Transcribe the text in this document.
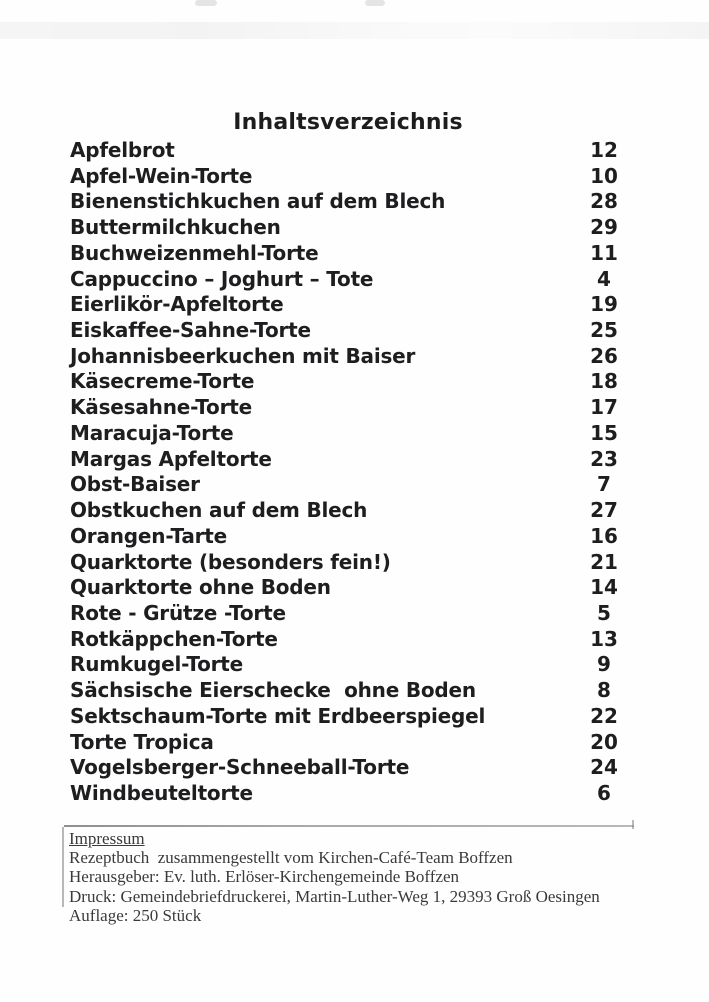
Inhaltsverzeichnis
Apfelbrot	12
Apfel-Wein-Torte	10
Bienenstichkuchen auf dem Blech	28
Buttermilchkuchen	29
Buchweizenmehl-Torte	11
Cappuccino – Joghurt – Tote	4
Eierlikör-Apfeltorte	19
Eiskaffee-Sahne-Torte	25
Johannisbeerkuchen mit Baiser	26
Käsecreme-Torte	18
Käsesahne-Torte	17
Maracuja-Torte	15
Margas Apfeltorte	23
Obst-Baiser	7
Obstkuchen auf dem Blech	27
Orangen-Tarte	16
Quarktorte (besonders fein!)	21
Quarktorte ohne Boden	14
Rote - Grütze -Torte	5
Rotkäppchen-Torte	13
Rumkugel-Torte	9
Sächsische Eierschecke  ohne Boden	8
Sektschaum-Torte mit Erdbeerspiegel	22
Torte Tropica	20
Vogelsberger-Schneeball-Torte	24
Windbeuteltorte	6
Impressum
Rezeptbuch  zusammengestellt vom Kirchen-Café-Team Boffzen
Herausgeber: Ev. luth. Erlöser-Kirchengemeinde Boffzen
Druck: Gemeindebriefdruckerei, Martin-Luther-Weg 1, 29393 Groß Oesingen
Auflage: 250 Stück
